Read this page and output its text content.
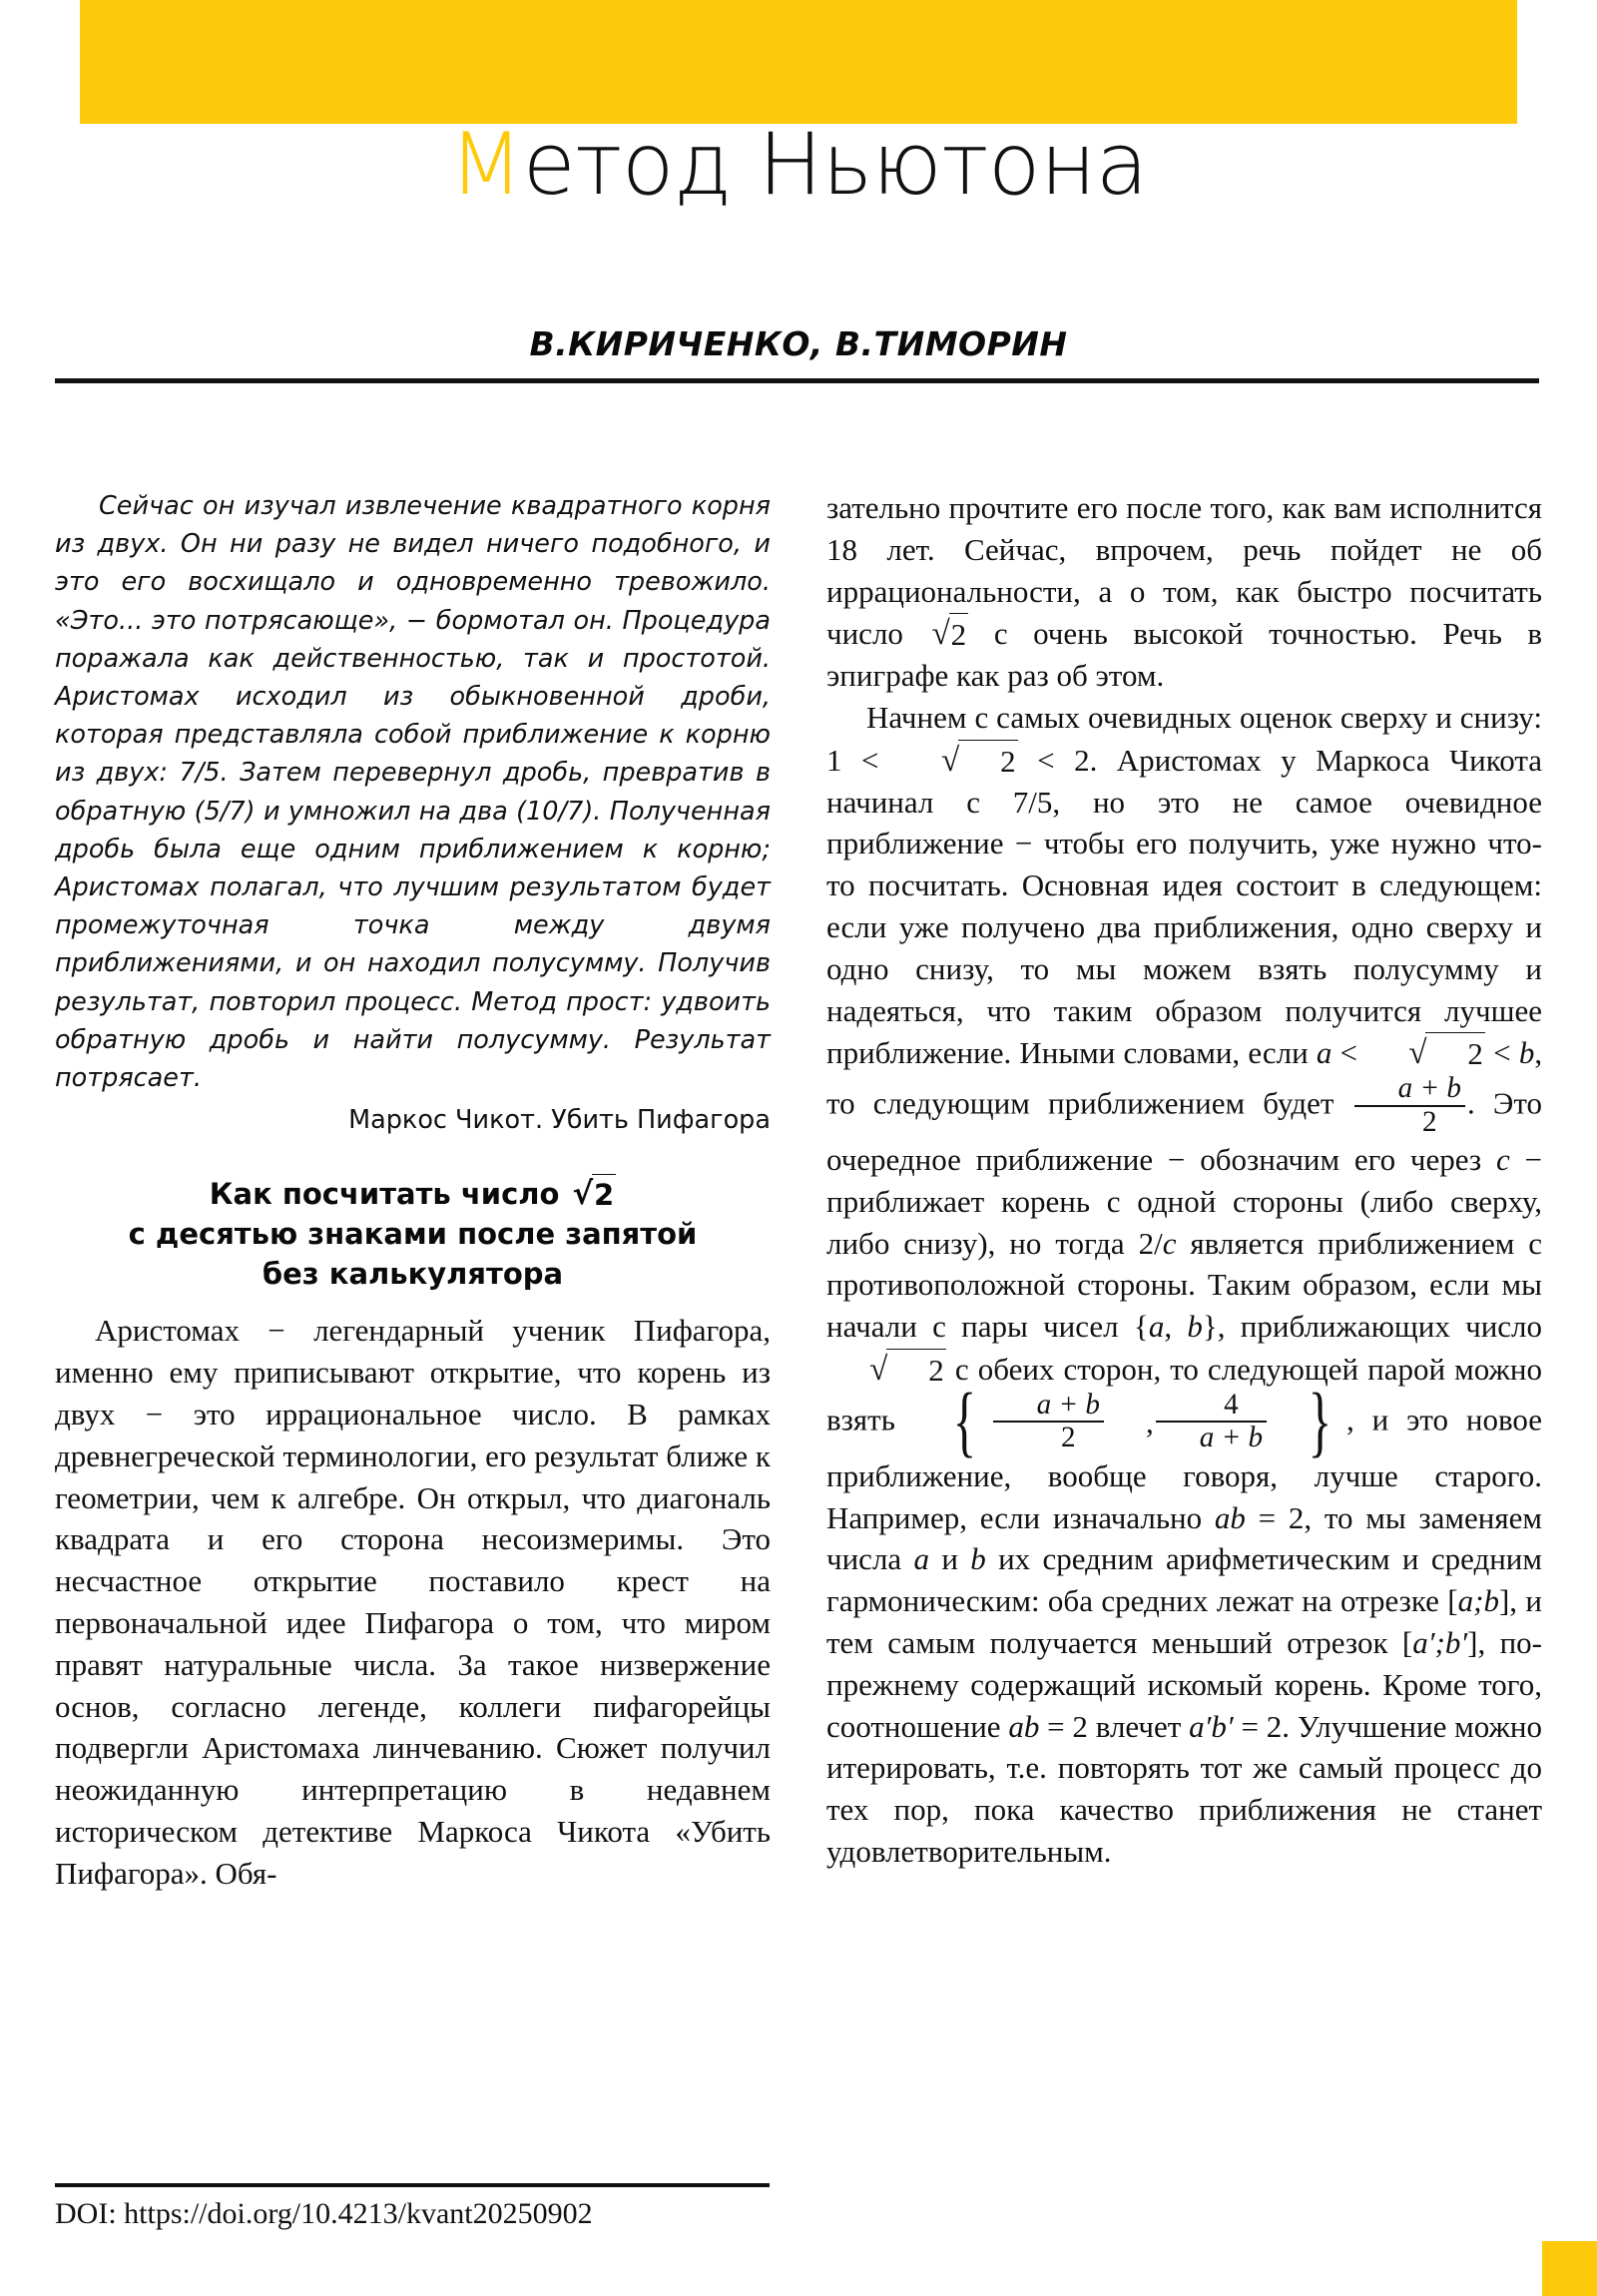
Метод Ньютона
В.КИРИЧЕНКО, В.ТИМОРИН

Сейчас он изучал извлечение квадратного корня из двух. Он ни разу не видел ничего подобного, и это его восхищало и одновременно тревожило. «Это... это потрясающе», − бормотал он. Процедура поражала как действенностью, так и простотой. Аристомах исходил из обыкновенной дроби, которая представляла собой приближение к корню из двух: 7/5. Затем перевернул дробь, превратив в обратную (5/7) и умножил на два (10/7). Полученная дробь была еще одним приближением к корню; Аристомах полагал, что лучшим результатом будет промежуточная точка между двумя приближениями, и он находил полусумму. Получив результат, повторил процесс. Метод прост: удвоить обратную дробь и найти полусумму. Результат потрясает.

Маркос Чикот. Убить Пифагора

Как посчитать число √2
с десятью знаками после запятой
без калькулятора

Аристомах − легендарный ученик Пифагора, именно ему приписывают открытие, что корень из двух − это иррациональное число. В рамках древнегреческой терминологии, его результат ближе к геометрии, чем к алгебре. Он открыл, что диагональ квадрата и его сторона несоизмеримы. Это несчастное открытие поставило крест на первоначальной идее Пифагора о том, что миром правят натуральные числа. За такое низвержение основ, согласно легенде, коллеги пифагорейцы подвергли Аристомаха линчеванию. Сюжет получил неожиданную интерпретацию в недавнем историческом детективе Маркоса Чикота «Убить Пифагора». Обя-

зательно прочтите его после того, как вам исполнится 18 лет. Сейчас, впрочем, речь пойдет не об иррациональности, а о том, как быстро посчитать число √2 с очень высокой точностью. Речь в эпиграфе как раз об этом.

Начнем с самых очевидных оценок сверху и снизу: 1 < √ 2 < 2. Аристомах у Маркоса Чикота начинал с 7/5, но это не самое очевидное приближение − чтобы его получить, уже нужно что-то посчитать. Основная идея состоит в следующем: если уже получено два приближения, одно сверху и одно снизу, то мы можем взять полусумму и надеяться, что таким образом получится лучшее приближение. Иными словами, если a < √ 2 < b, то следующим приближением будет $\frac{a + b}{2}$ . Это очередное приближение − обозначим его через c − приближает корень с одной стороны (либо сверху, либо снизу), но тогда 2/c является приближением с противоположной стороны. Таким образом, если мы начали с пары чисел {a, b}, приближающих число √ 2 с обеих сторон, то следующей парой можно взять { $\frac{a + b}{2}$	, $\frac{4}{a + b}$ } , и это новое приближение, вообще говоря, лучше старого. Например, если изначально ab = 2, то мы заменяем числа a и b их средним арифметическим и средним гармоническим: оба средних лежат на отрезке [a;b], и тем самым получается меньший отрезок [a′;b′], по-прежнему содержащий искомый корень. Кроме того, соотношение ab = 2 влечет a′b′ = 2. Улучшение можно итерировать, т.е. повторять тот же самый процесс до тех пор, пока качество приближения не станет удовлетворительным.

DOI: https://doi.org/10.4213/kvant20250902
